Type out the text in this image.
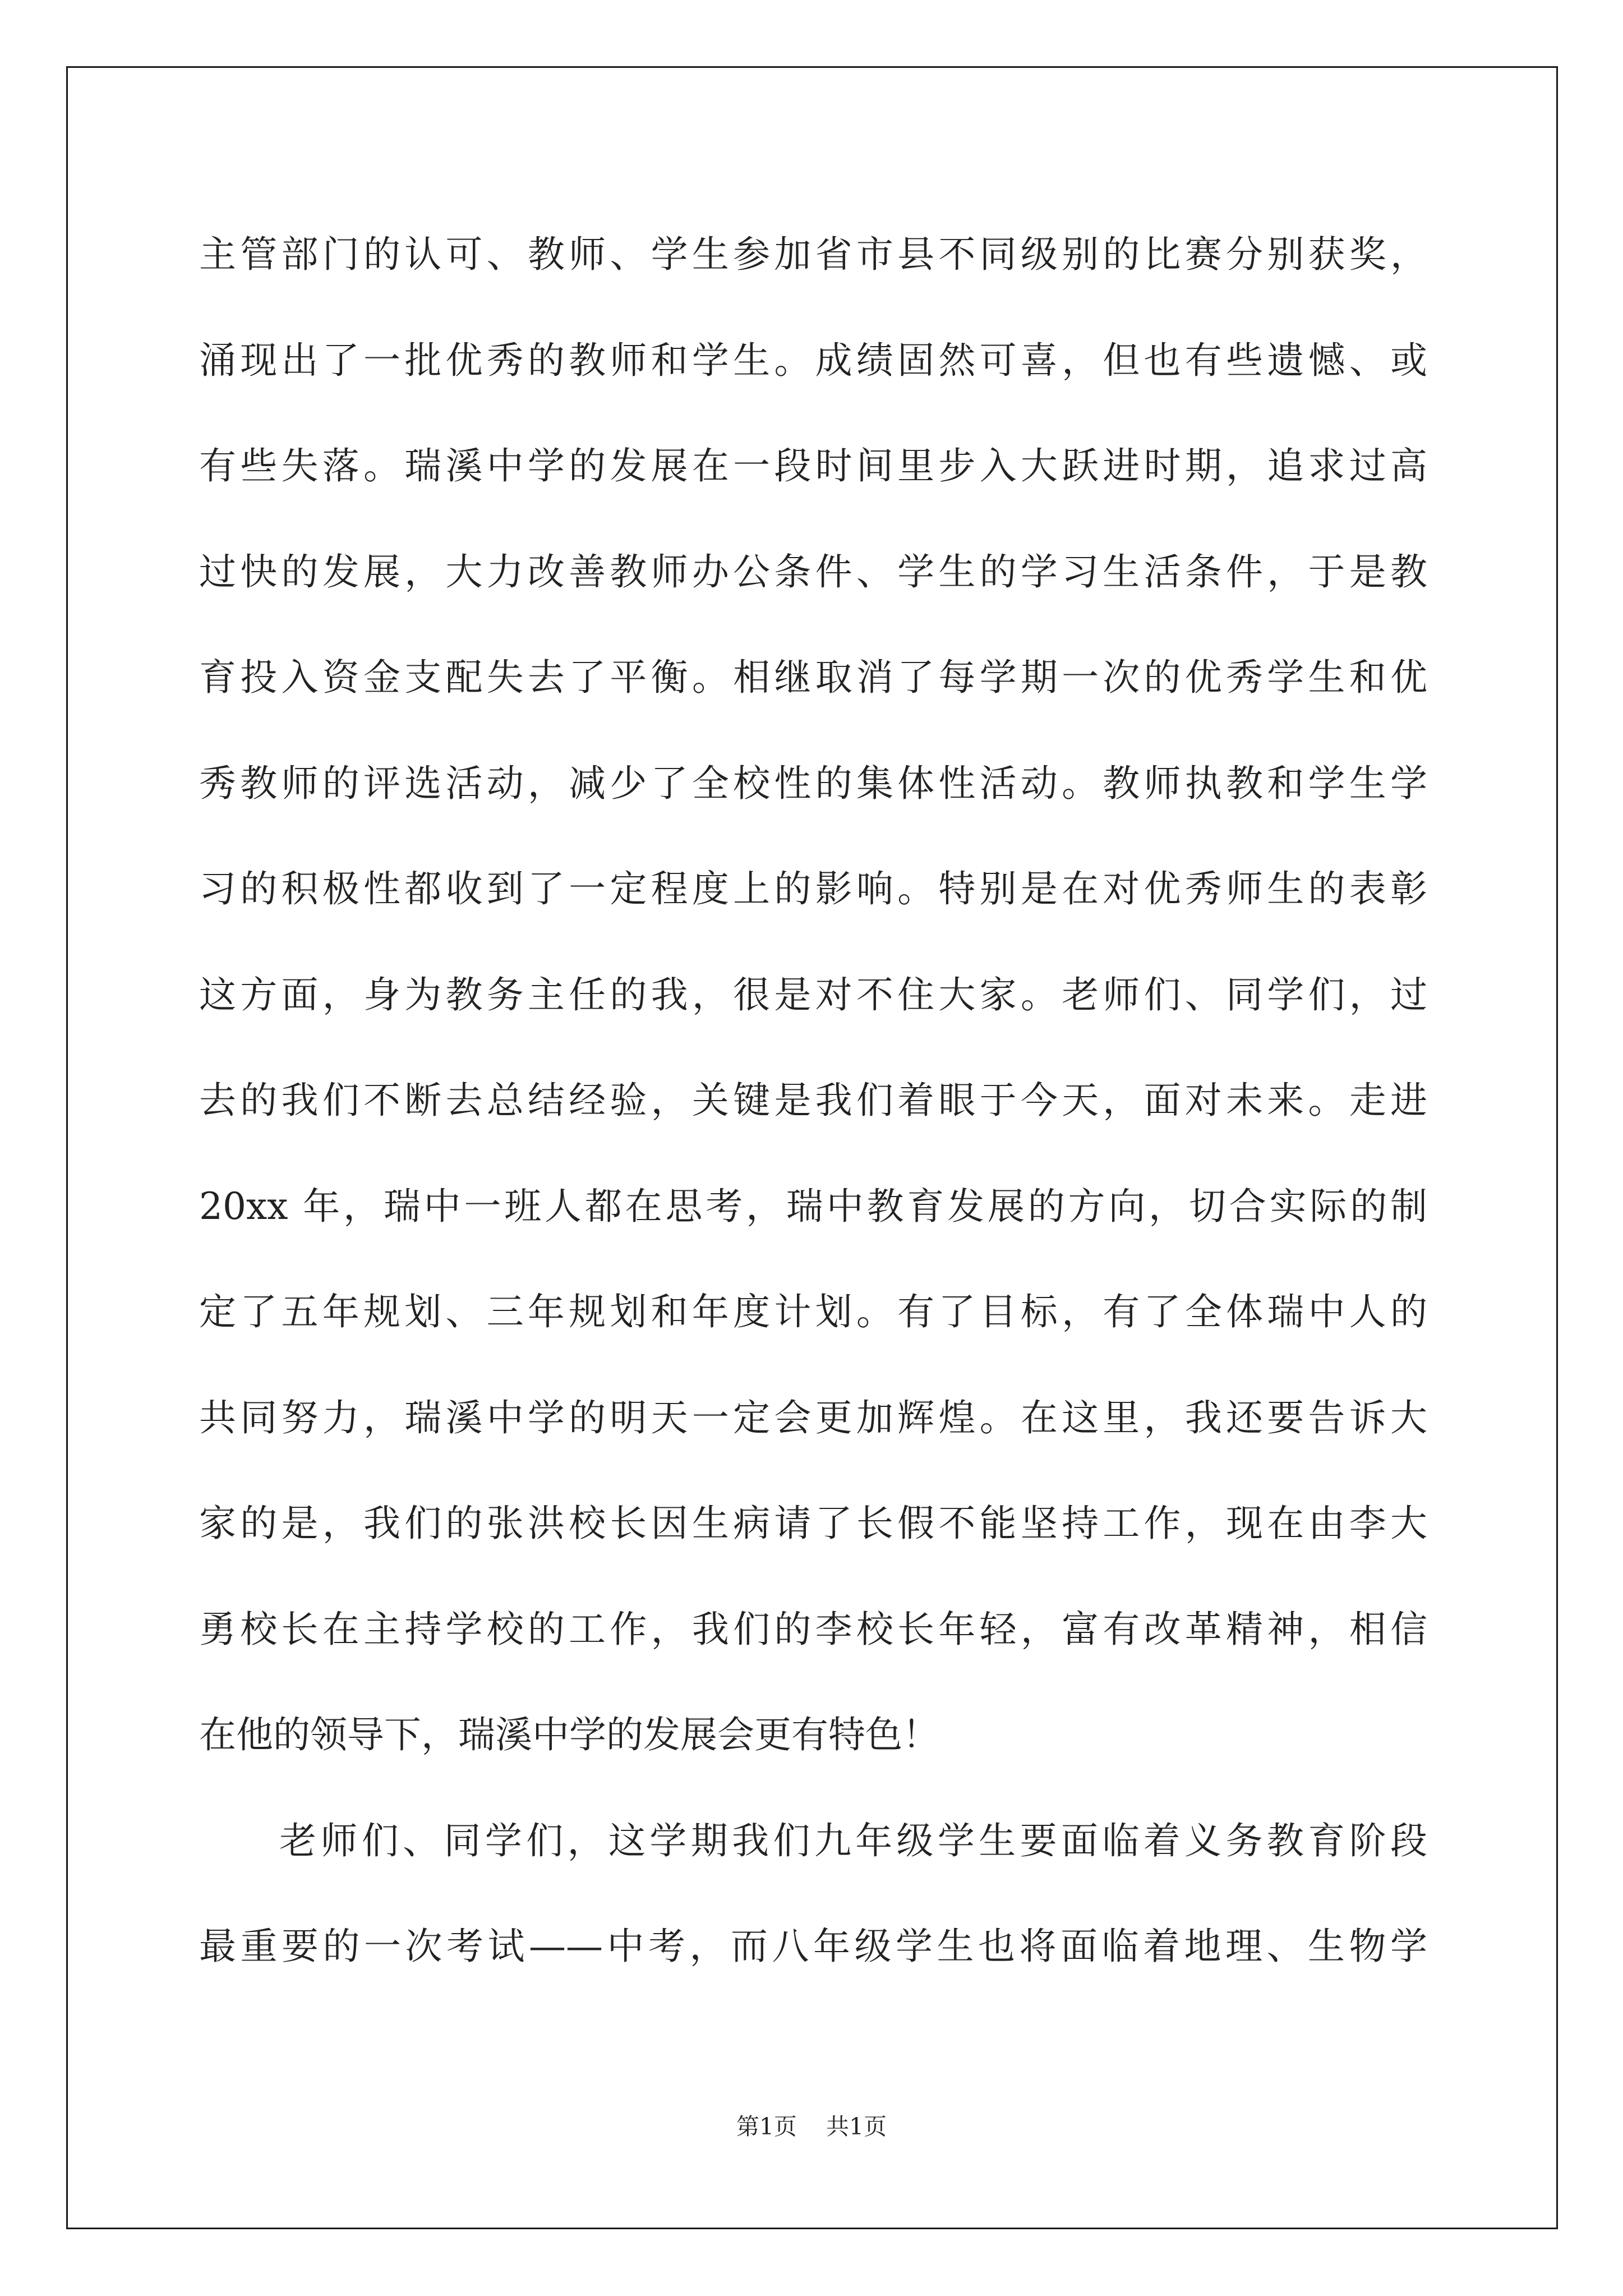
主管部门的认可、教师、学生参加省市县不同级别的比赛分别获奖，
涌现出了一批优秀的教师和学生。成绩固然可喜，但也有些遗憾、或
有些失落。瑞溪中学的发展在一段时间里步入大跃进时期，追求过高
过快的发展，大力改善教师办公条件、学生的学习生活条件，于是教
育投入资金支配失去了平衡。相继取消了每学期一次的优秀学生和优
秀教师的评选活动，减少了全校性的集体性活动。教师执教和学生学
习的积极性都收到了一定程度上的影响。特别是在对优秀师生的表彰
这方面，身为教务主任的我，很是对不住大家。老师们、同学们，过
去的我们不断去总结经验，关键是我们着眼于今天，面对未来。走进
20xx 年，瑞中一班人都在思考，瑞中教育发展的方向，切合实际的制
定了五年规划、三年规划和年度计划。有了目标，有了全体瑞中人的
共同努力，瑞溪中学的明天一定会更加辉煌。在这里，我还要告诉大
家的是，我们的张洪校长因生病请了长假不能坚持工作，现在由李大
勇校长在主持学校的工作，我们的李校长年轻，富有改革精神，相信
在他的领导下，瑞溪中学的发展会更有特色！
老师们、同学们，这学期我们九年级学生要面临着义务教育阶段
最重要的一次考试——中考，而八年级学生也将面临着地理、生物学
第1页    共1页
